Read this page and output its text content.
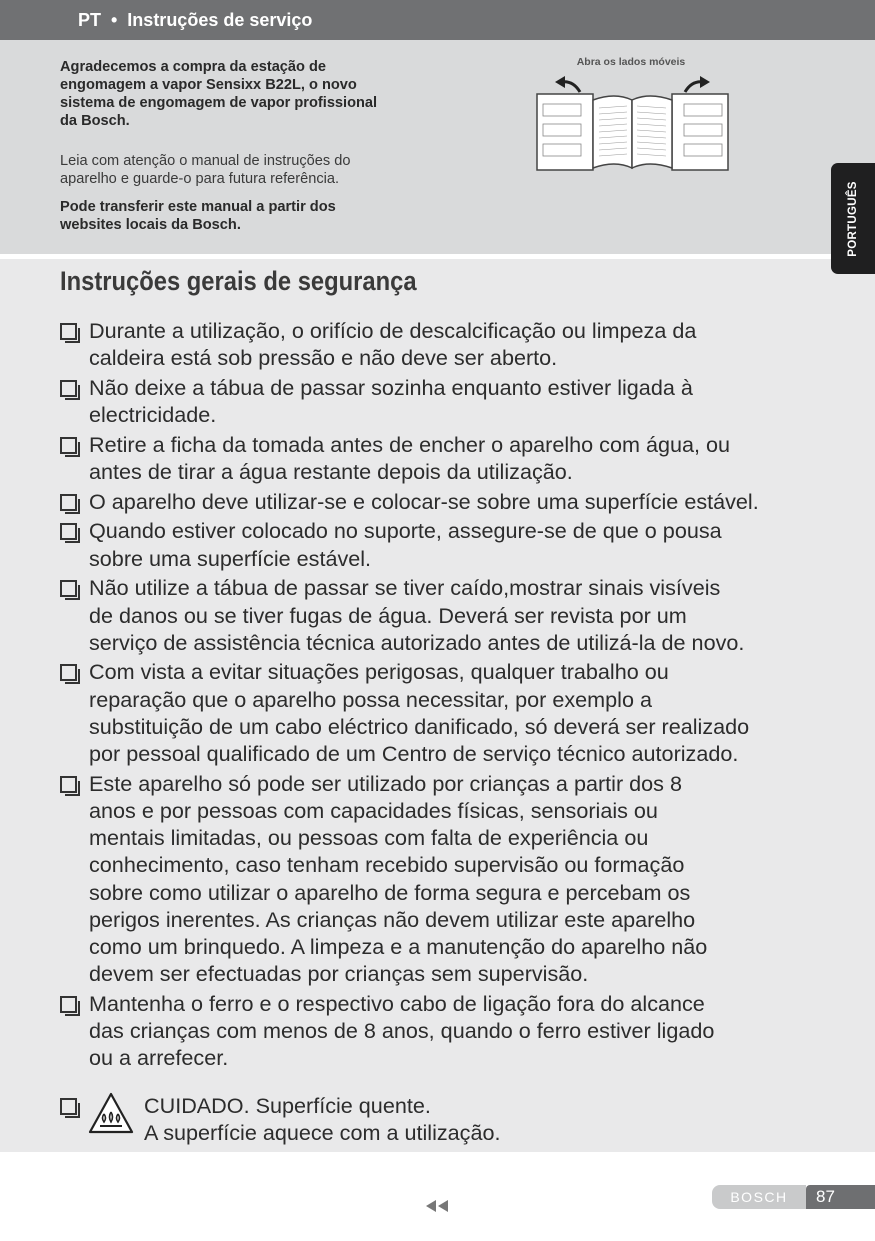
PT  •  Instruções de serviço
Agradecemos a compra da estação de
engomagem a vapor Sensixx B22L, o novo
sistema de engomagem de vapor profissional
da Bosch.
Leia com atenção o manual de instruções do
aparelho e guarde-o para futura referência.
Pode transferir este manual a partir dos
websites locais da Bosch.
Abra os lados móveis
PORTUGUÊS
Instruções gerais de segurança
Durante a utilização, o orifício de descalcificação ou limpeza da
caldeira está sob pressão e não deve ser aberto.
Não deixe a tábua de passar sozinha enquanto estiver ligada à
electricidade.
Retire a ficha da tomada antes de encher o aparelho com água, ou
antes de tirar a água restante depois da utilização.
O aparelho deve utilizar-se e colocar-se sobre uma superfície estável.
Quando estiver colocado no suporte, assegure-se de que o pousa
sobre uma superfície estável.
Não utilize a tábua de passar se tiver caído,mostrar sinais visíveis
de danos ou se tiver fugas de água. Deverá ser revista por um
serviço de assistência técnica autorizado antes de utilizá-la de novo.
Com vista a evitar situações perigosas, qualquer trabalho ou
reparação que o aparelho possa necessitar, por exemplo a
substituição de um cabo eléctrico danificado, só deverá ser realizado
por pessoal qualificado de um Centro de serviço técnico autorizado.
Este aparelho só pode ser utilizado por crianças a partir dos 8
anos e por pessoas com capacidades físicas, sensoriais ou
mentais limitadas, ou pessoas com falta de experiência ou
conhecimento, caso tenham recebido supervisão ou formação
sobre como utilizar o aparelho de forma segura e percebam os
perigos inerentes. As crianças não devem utilizar este aparelho
como um brinquedo. A limpeza e a manutenção do aparelho não
devem ser efectuadas por crianças sem supervisão.
Mantenha o ferro e o respectivo cabo de ligação fora do alcance
das crianças com menos de 8 anos, quando o ferro estiver ligado
ou a arrefecer.
CUIDADO. Superfície quente.
A superfície aquece com a utilização.
BOSCH	87
